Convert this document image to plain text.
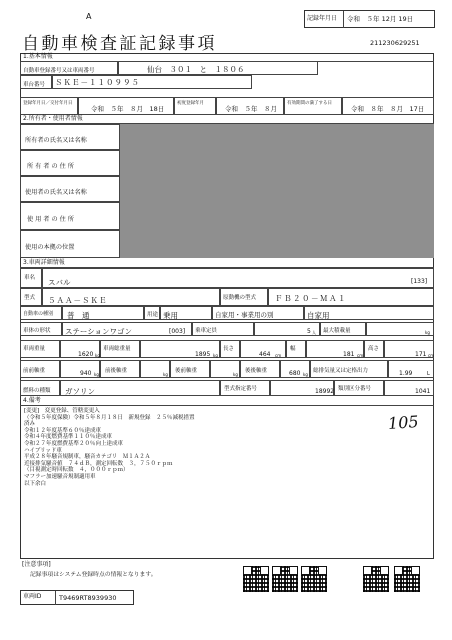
A
自動車検査証記録事項
記録年月日 令和　５年 12月 19日
211230629251
1.基本情報
自動車登録番号又は車両番号	仙台　３０１　と　１８０６
車台番号 ＳＫＥ－１１０９９５
登録年月日／交付年月日
令和　５年　８月　18日
初度登録年月
令和　５年　８月
有効期間の満了する日
令和　８年　８月　17日
2.所有者・使用者情報
所有者の氏名又は名称
所 有 者 の 住 所
使用者の氏名又は名称
使 用 者 の 住 所
使用の本拠の位置
3.車両詳細情報
車名 スバル	[133]
型式 ５ＡＡ－ＳＫＥ	原動機の型式	ＦＢ２０－ＭＡ１
自動車の種別 普　通	用途 乗用	自家用・事業用の別	自家用
車体の形状 ステーションワゴン	[003] 乗車定員	5 人 最大積載量	kg
車両重量
1620 kg
車両総重量
1895 kg
長さ
464 cm
幅
181 cm
高さ
171 cm
前前軸重	940 kg
前後軸重
kg
後前軸重
kg
後後軸重	680 kg
総排気量又は定格出力	1.99	L
燃料の種類 ガソリン	型式指定番号	18992 類別区分番号	1041
4.備考
[変更]　変更登録、管轄変更入
（令和５年度保険）令和５年８月１８日　新規登録　２５％減税措置
済み
令和１２年度基準６０％達成車
令和４年度燃費基準１１０％達成車
令和２７年度燃費基準２０％向上達成車
ハイブリッド車
平成２８年騒音規制車，騒音カテゴリ　Ｍ１Ａ２Ａ
近接排気騒音値　７４ｄＢ，測定回転数　３，７５０ｒｐｍ
（目視測定時回転数　４，０００ｒｐｍ）
マフラー加速騒音規制適用車
以下余白
105
[注意事項]
記録事項はシステム登録時点の情報となります。
車両ID	T9469RT8939930
